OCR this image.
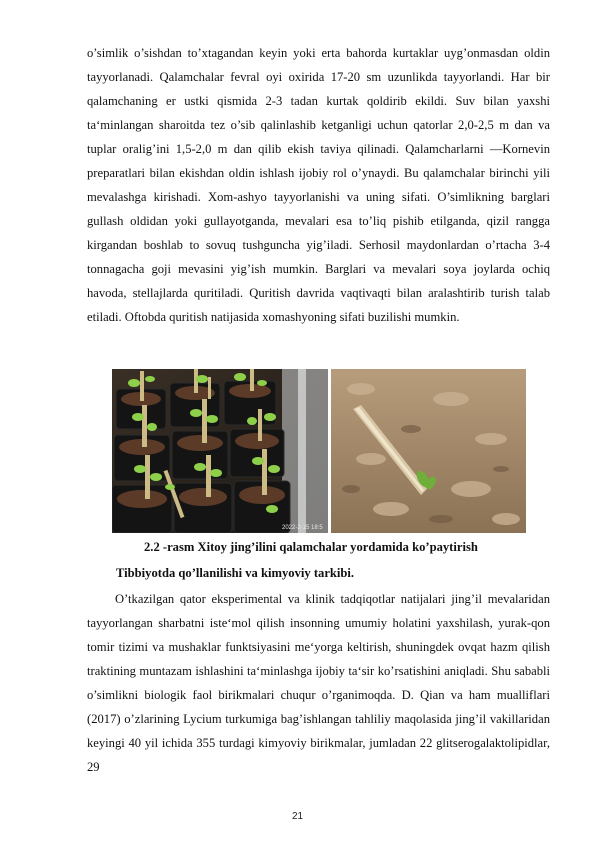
o’simlik o’sishdan to’xtagandan keyin yoki erta bahorda kurtaklar uyg’onmasdan oldin tayyorlanadi. Qalamchalar fevral oyi oxirida 17-20 sm uzunlikda tayyorlandi. Har bir qalamchaning er ustki qismida 2-3 tadan kurtak qoldirib ekildi. Suv bilan yaxshi ta‘minlangan sharoitda tez o’sib qalinlashib ketganligi uchun qatorlar 2,0-2,5 m dan va tuplar oralig’ini 1,5-2,0 m dan qilib ekish taviya qilinadi. Qalamcharlarni —Kornevin preparatlari bilan ekishdan oldin ishlash ijobiy rol o’ynaydi. Bu qalamchalar birinchi yili mevalashga kirishadi. Xom-ashyo tayyorlanishi va uning sifati. O’simlikning barglari gullash oldidan yoki gullayotganda, mevalari esa to’liq pishib etilganda, qizil rangga kirgandan boshlab to sovuq tushguncha yig’iladi. Serhosil maydonlardan o’rtacha 3-4 tonnagacha goji mevasini yig’ish mumkin. Barglari va mevalari soya joylarda ochiq havoda, stellajlarda quritiladi. Quritish davrida vaqtivaqti bilan aralashtirib turish talab etiladi. Oftobda quritish natijasida xomashyoning sifati buzilishi mumkin.
2022-2-15 18:5
2.2 -rasm Xitoy jing’ilini qalamchalar yordamida ko’paytirish
Tibbiyotda qo’llanilishi va kimyoviy tarkibi.
O’tkazilgan qator eksperimental va klinik tadqiqotlar natijalari jing’il mevalaridan tayyorlangan sharbatni iste‘mol qilish insonning umumiy holatini yaxshilash, yurak-qon tomir tizimi va mushaklar funktsiyasini me‘yorga keltirish, shuningdek ovqat hazm qilish traktining muntazam ishlashini ta‘minlashga ijobiy ta‘sir ko’rsatishini aniqladi. Shu sababli o’simlikni biologik faol birikmalari chuqur o’rganimoqda. D. Qian va ham mualliflari (2017) o’zlarining Lycium turkumiga bag’ishlangan tahliliy maqolasida jing’il vakillaridan keyingi 40 yil ichida 355 turdagi kimyoviy birikmalar, jumladan 22 glitserogalaktolipidlar, 29
21
